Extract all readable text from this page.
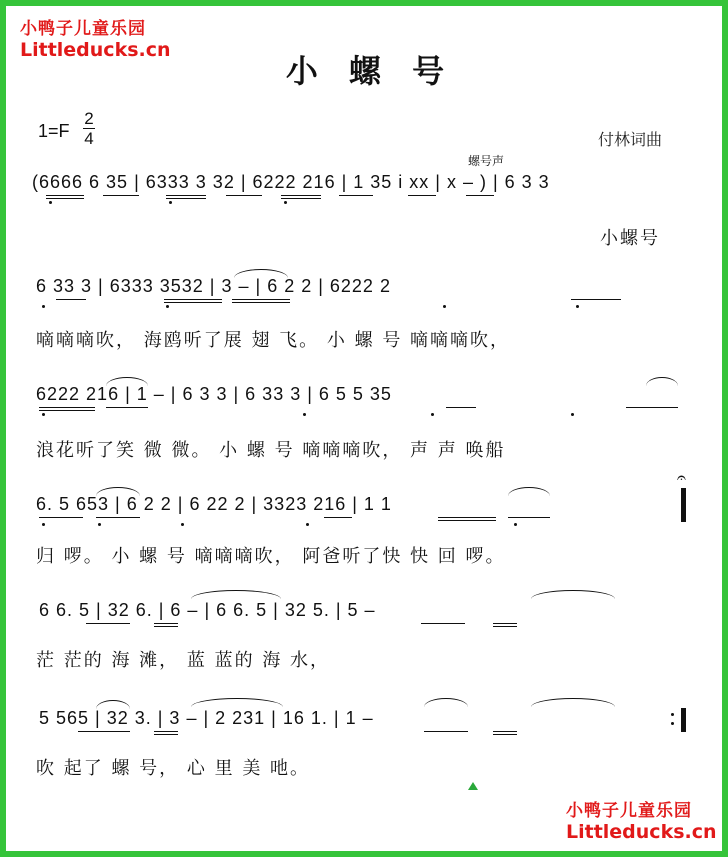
小鸭子儿童乐园
Littleducks.cn
小 螺 号
1=F
2
4	付林词曲
螺号声
(6666 6 35 | 6333 3 32 | 6222 216 | 1 35 i xx | x – ) | 6 3 3
小螺号
6 33 3 | 6333 3532 | 3 – | 6 2 2 | 6222 2
嘀嘀嘀吹， 海鸥听了展 翅 飞。 小 螺 号 嘀嘀嘀吹，
6222 216 | 1 – | 6 3 3 | 6 33 3 | 6 5 5 35
浪花听了笑 微 微。 小 螺 号 嘀嘀嘀吹， 声 声 唤船
6. 5 653 | 6 2 2 | 6 22 2 | 3323 216 | 1 1
归 啰。 小 螺 号 嘀嘀嘀吹， 阿爸听了快 快 回 啰。
𝄐
6 6. 5 | 32 6. | 6 – | 6 6. 5 | 32 5. | 5 –
茫 茫的 海 滩， 蓝 蓝的 海 水，
5 565 | 32 3. | 3 – | 2 231 | 16 1. | 1 –
吹 起了 螺 号， 心 里 美 吔。
小鸭子儿童乐园
Littleducks.cn
